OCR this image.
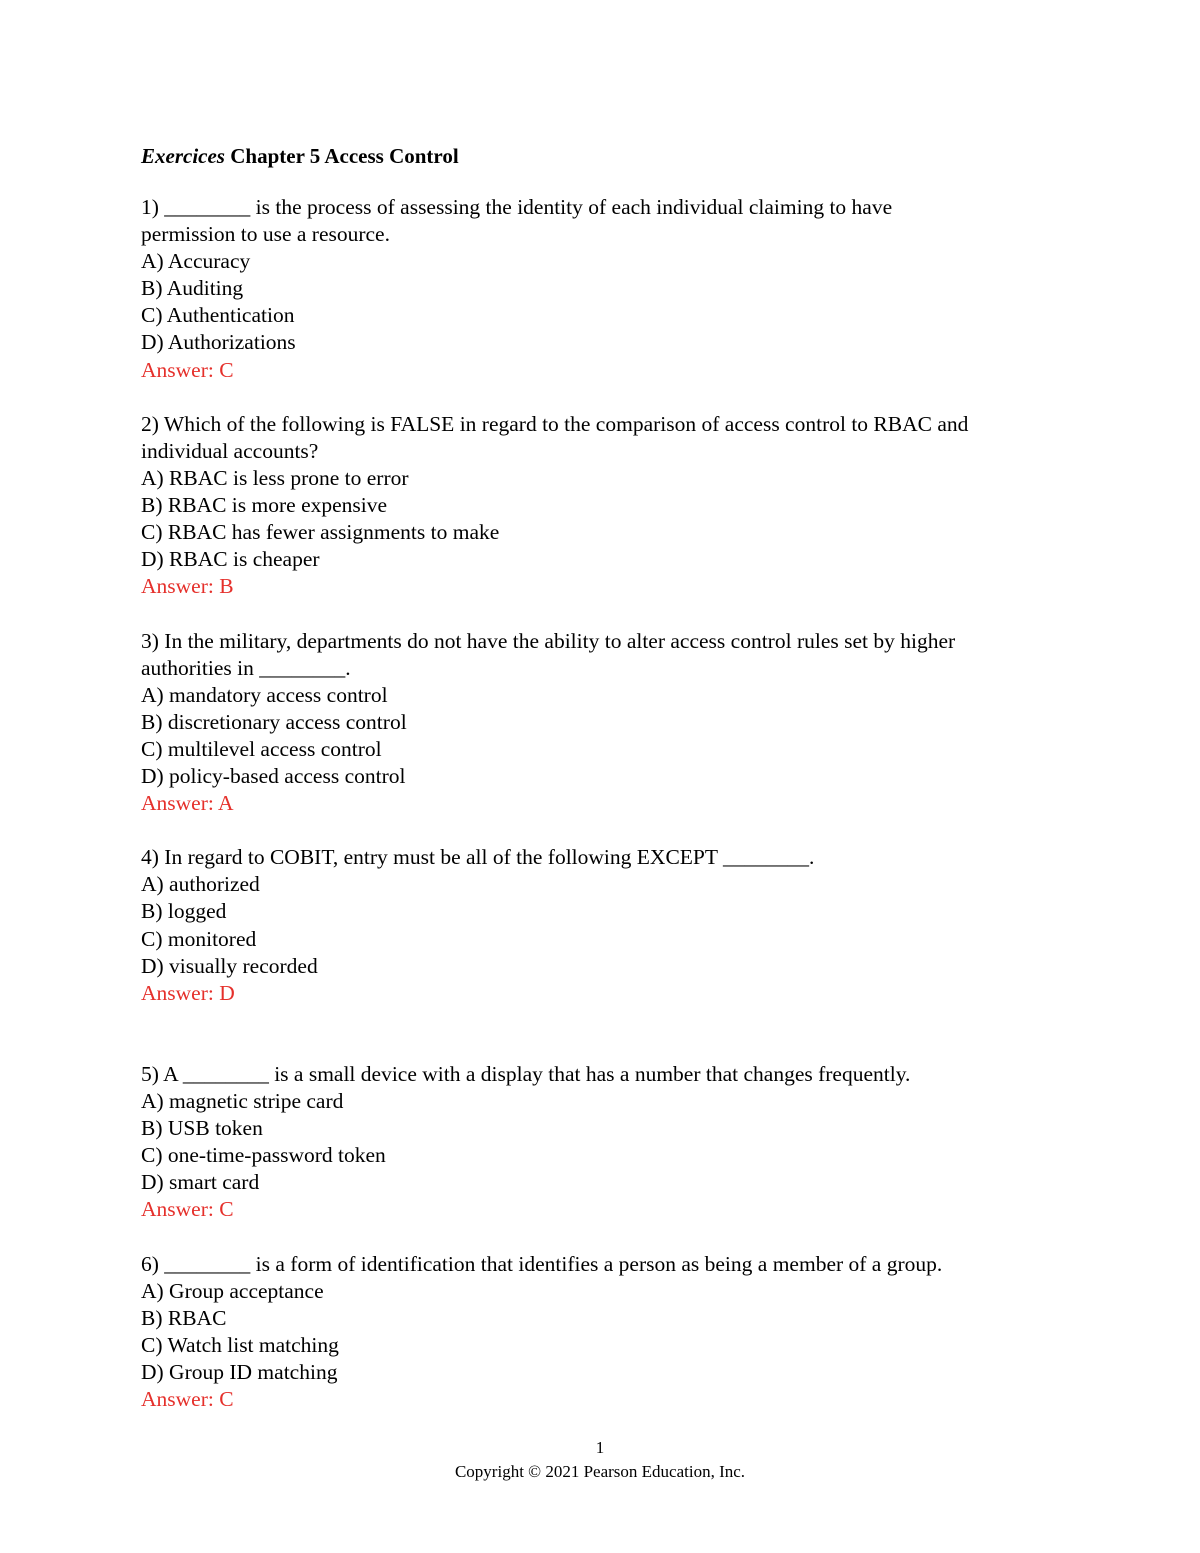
Exercices Chapter 5 Access Control
1) ________ is the process of assessing the identity of each individual claiming to have
permission to use a resource.
A) Accuracy
B) Auditing
C) Authentication
D) Authorizations
Answer: C
2) Which of the following is FALSE in regard to the comparison of access control to RBAC and
individual accounts?
A) RBAC is less prone to error
B) RBAC is more expensive
C) RBAC has fewer assignments to make
D) RBAC is cheaper
Answer: B
3) In the military, departments do not have the ability to alter access control rules set by higher
authorities in ________.
A) mandatory access control
B) discretionary access control
C) multilevel access control
D) policy-based access control
Answer: A
4) In regard to COBIT, entry must be all of the following EXCEPT ________.
A) authorized
B) logged
C) monitored
D) visually recorded
Answer: D
5) A ________ is a small device with a display that has a number that changes frequently.
A) magnetic stripe card
B) USB token
C) one-time-password token
D) smart card
Answer: C
6) ________ is a form of identification that identifies a person as being a member of a group.
A) Group acceptance
B) RBAC
C) Watch list matching
D) Group ID matching
Answer: C
1
Copyright © 2021 Pearson Education, Inc.
